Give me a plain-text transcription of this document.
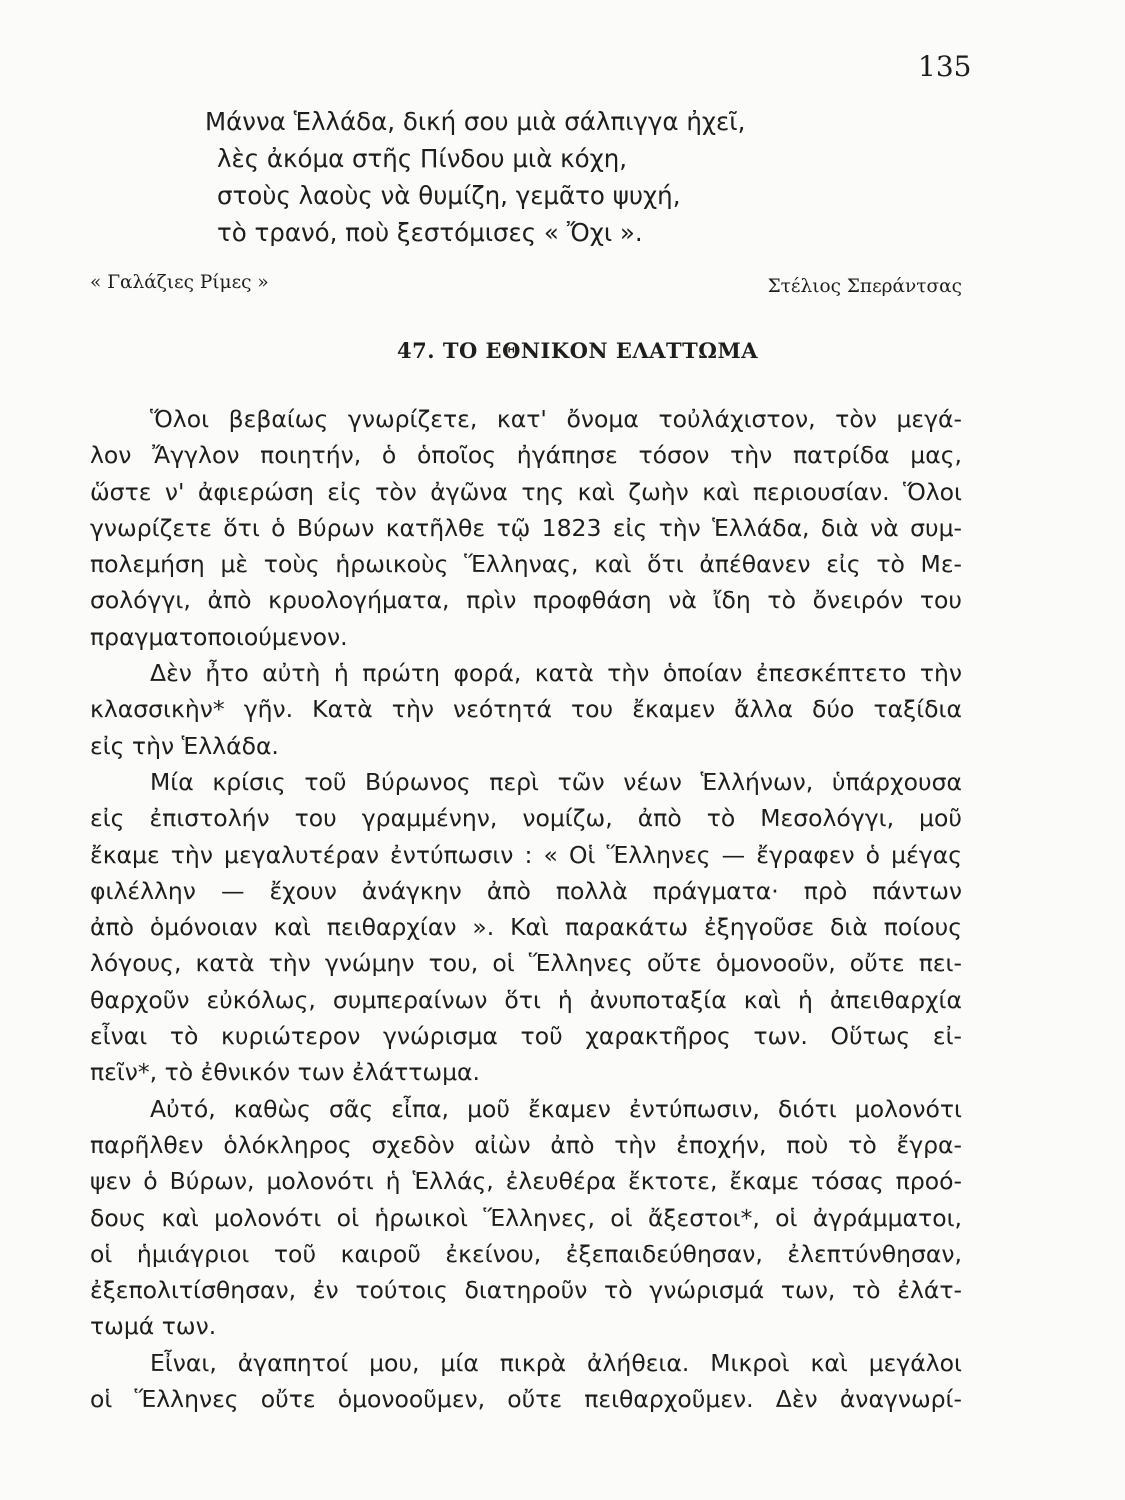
135
Μάννα Ἑλλάδα, δική σου μιὰ σάλπιγγα ἠχεῖ,
λὲς ἀκόμα στῆς Πίνδου μιὰ κόχη,
στοὺς λαοὺς νὰ θυμίζη, γεμᾶτο ψυχή,
τὸ τρανό, ποὺ ξεστόμισες « Ὄχι ».
« Γαλάζιες Ρίμες »	Στέλιος Σπεράντσας
47. ΤΟ ΕΘΝΙΚΟΝ ΕΛΑΤΤΩΜΑ
Ὅλοι βεβαίως γνωρίζετε, κατ' ὄνομα τοὐλάχιστον, τὸν μεγά-
λον Ἄγγλον ποιητήν, ὁ ὁποῖος ἠγάπησε τόσον τὴν πατρίδα μας,
ὥστε ν' ἀφιερώση εἰς τὸν ἀγῶνα της καὶ ζωὴν καὶ περιουσίαν. Ὅλοι
γνωρίζετε ὅτι ὁ Βύρων κατῆλθε τῷ 1823 εἰς τὴν Ἑλλάδα, διὰ νὰ συμ-
πολεμήση μὲ τοὺς ἡρωικοὺς Ἕλληνας, καὶ ὅτι ἀπέθανεν εἰς τὸ Με-
σολόγγι, ἀπὸ κρυολογήματα, πρὶν προφθάση νὰ ἴδη τὸ ὄνειρόν του
πραγματοποιούμενον.
Δὲν ἦτο αὐτὴ ἡ πρώτη φορά, κατὰ τὴν ὁποίαν ἐπεσκέπτετο τὴν
κλασσικὴν* γῆν. Κατὰ τὴν νεότητά του ἔκαμεν ἄλλα δύο ταξίδια
εἰς τὴν Ἑλλάδα.
Μία κρίσις τοῦ Βύρωνος περὶ τῶν νέων Ἑλλήνων, ὑπάρχουσα
εἰς ἐπιστολήν του γραμμένην, νομίζω, ἀπὸ τὸ Μεσολόγγι, μοῦ
ἔκαμε τὴν μεγαλυτέραν ἐντύπωσιν : « Οἱ Ἕλληνες — ἔγραφεν ὁ μέγας
φιλέλλην — ἔχουν ἀνάγκην ἀπὸ πολλὰ πράγματα· πρὸ πάντων
ἀπὸ ὁμόνοιαν καὶ πειθαρχίαν ». Καὶ παρακάτω ἐξηγοῦσε διὰ ποίους
λόγους, κατὰ τὴν γνώμην του, οἱ Ἕλληνες οὔτε ὁμονοοῦν, οὔτε πει-
θαρχοῦν εὐκόλως, συμπεραίνων ὅτι ἡ ἀνυποταξία καὶ ἡ ἀπειθαρχία
εἶναι τὸ κυριώτερον γνώρισμα τοῦ χαρακτῆρος των. Οὕτως εἰ-
πεῖν*, τὸ ἐθνικόν των ἐλάττωμα.
Αὐτό, καθὼς σᾶς εἶπα, μοῦ ἔκαμεν ἐντύπωσιν, διότι μολονότι
παρῆλθεν ὁλόκληρος σχεδὸν αἰὼν ἀπὸ τὴν ἐποχήν, ποὺ τὸ ἔγρα-
ψεν ὁ Βύρων, μολονότι ἡ Ἑλλάς, ἐλευθέρα ἔκτοτε, ἔκαμε τόσας προό-
δους καὶ μολονότι οἱ ἡρωικοὶ Ἕλληνες, οἱ ἄξεστοι*, οἱ ἀγράμματοι,
οἱ ἡμιάγριοι τοῦ καιροῦ ἐκείνου, ἐξεπαιδεύθησαν, ἐλεπτύνθησαν,
ἐξεπολιτίσθησαν, ἐν τούτοις διατηροῦν τὸ γνώρισμά των, τὸ ἐλάτ-
τωμά των.
Εἶναι, ἀγαπητοί μου, μία πικρὰ ἀλήθεια. Μικροὶ καὶ μεγάλοι
οἱ Ἕλληνες οὔτε ὁμονοοῦμεν, οὔτε πειθαρχοῦμεν. Δὲν ἀναγνωρί-
